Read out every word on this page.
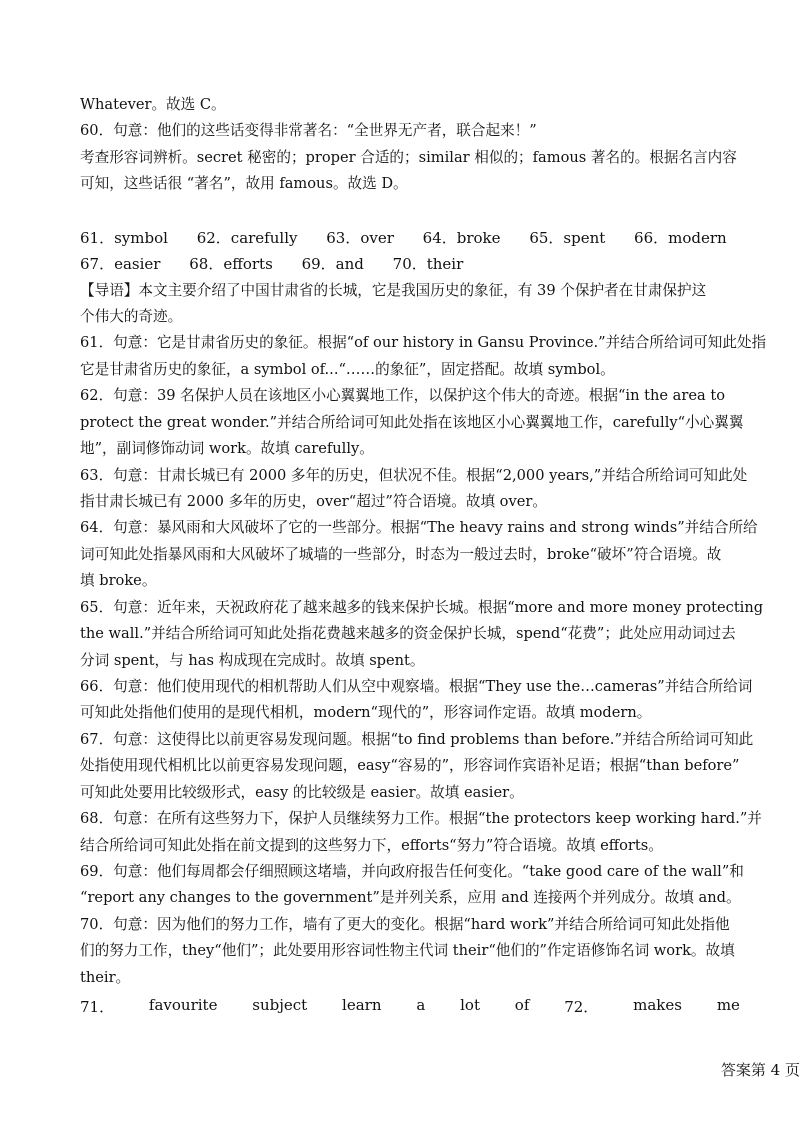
Whatever。故选 C。
60．句意：他们的这些话变得非常著名：“全世界无产者，联合起来！”
考查形容词辨析。secret 秘密的；proper 合适的；similar 相似的；famous 著名的。根据名言内容
可知，这些话很 “著名”，故用 famous。故选 D。
61．symbol 62．carefully 63．over 64．broke 65．spent 66．modern
67．easier 68．efforts 69．and 70．their
【导语】本文主要介绍了中国甘肃省的长城，它是我国历史的象征，有 39 个保护者在甘肃保护这
个伟大的奇迹。
61．句意：它是甘肃省历史的象征。根据“of our history in Gansu Province.”并结合所给词可知此处指
它是甘肃省历史的象征，a symbol of...“……的象征”，固定搭配。故填 symbol。
62．句意：39 名保护人员在该地区小心翼翼地工作，以保护这个伟大的奇迹。根据“in the area to
protect the great wonder.”并结合所给词可知此处指在该地区小心翼翼地工作，carefully“小心翼翼
地”，副词修饰动词 work。故填 carefully。
63．句意：甘肃长城已有 2000 多年的历史，但状况不佳。根据“2,000 years,”并结合所给词可知此处
指甘肃长城已有 2000 多年的历史，over“超过”符合语境。故填 over。
64．句意：暴风雨和大风破坏了它的一些部分。根据“The heavy rains and strong winds”并结合所给
词可知此处指暴风雨和大风破坏了城墙的一些部分，时态为一般过去时，broke“破坏”符合语境。故
填 broke。
65．句意：近年来，天祝政府花了越来越多的钱来保护长城。根据“more and more money protecting
the wall.”并结合所给词可知此处指花费越来越多的资金保护长城，spend“花费”；此处应用动词过去
分词 spent，与 has 构成现在完成时。故填 spent。
66．句意：他们使用现代的相机帮助人们从空中观察墙。根据“They use the…cameras”并结合所给词
可知此处指他们使用的是现代相机，modern“现代的”，形容词作定语。故填 modern。
67．句意：这使得比以前更容易发现问题。根据“to find problems than before.”并结合所给词可知此
处指使用现代相机比以前更容易发现问题，easy“容易的”，形容词作宾语补足语；根据“than before”
可知此处要用比较级形式，easy 的比较级是 easier。故填 easier。
68．句意：在所有这些努力下，保护人员继续努力工作。根据“the protectors keep working hard.”并
结合所给词可知此处指在前文提到的这些努力下，efforts“努力”符合语境。故填 efforts。
69．句意：他们每周都会仔细照顾这堵墙，并向政府报告任何变化。“take good care of the wall”和
“report any changes to the government”是并列关系，应用 and 连接两个并列成分。故填 and。
70．句意：因为他们的努力工作，墙有了更大的变化。根据“hard work”并结合所给词可知此处指他
们的努力工作，they“他们”；此处要用形容词性物主代词 their“他们的”作定语修饰名词 work。故填
their。
71． favourite subject learn a lot of 72． makes me
答案第 4 页
